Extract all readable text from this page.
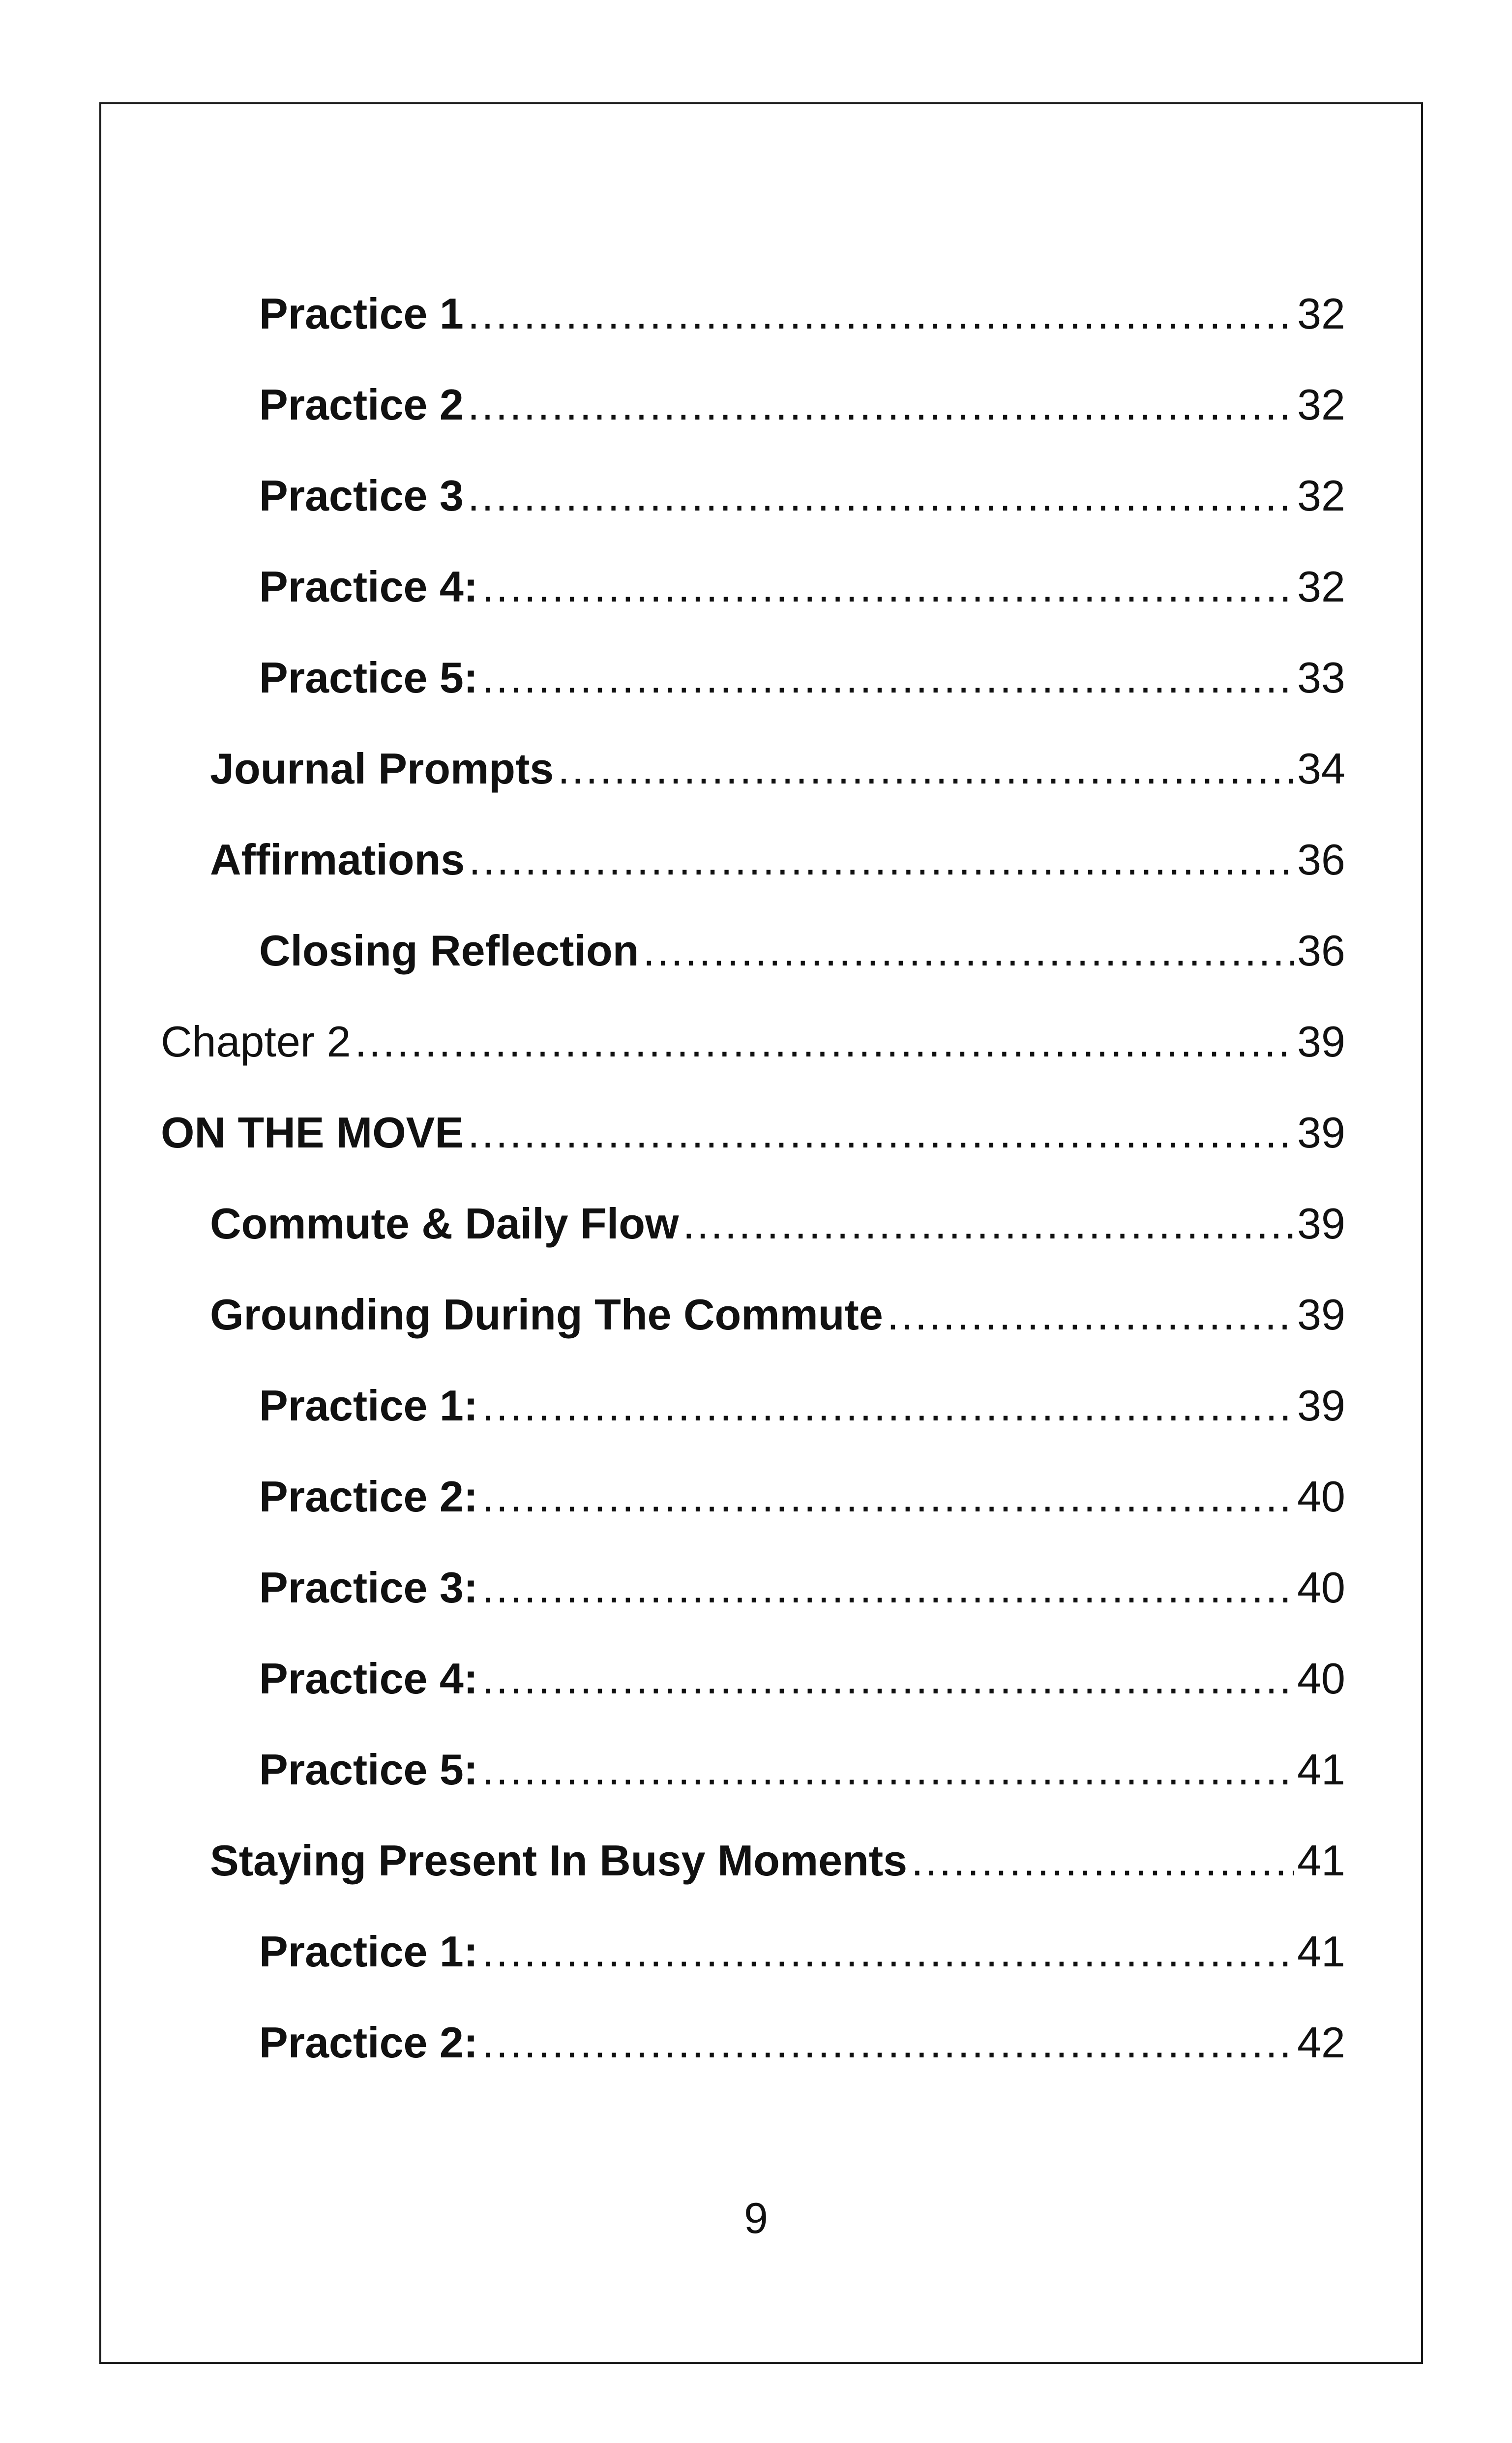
Practice 1 .....	32
Practice 2 .....	32
Practice 3 .....	32
Practice 4: .....	32
Practice 5: .....	33
Journal Prompts .....	34
Affirmations .....	36
Closing Reflection .....	36
Chapter 2 .....	39
ON THE MOVE .....	39
Commute & Daily Flow .....	39
Grounding During The Commute .....	39
Practice 1: .....	39
Practice 2: .....	40
Practice 3: .....	40
Practice 4: .....	40
Practice 5: .....	41
Staying Present In Busy Moments .....	41
Practice 1: .....	41
Practice 2: .....	42
9
